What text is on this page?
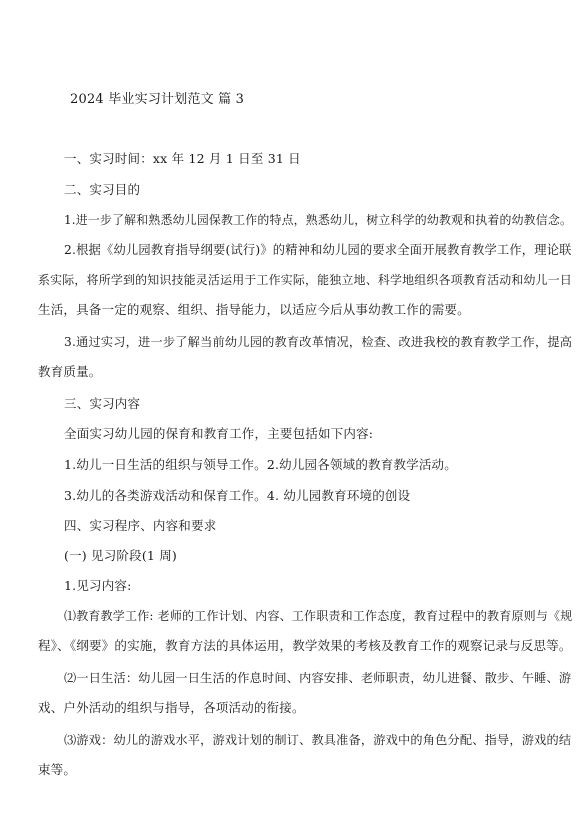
2024 毕业实习计划范文 篇 3
一、实习时间：xx 年 12 月 1 日至 31 日
二、实习目的
1.进一步了解和熟悉幼儿园保教工作的特点，熟悉幼儿，树立科学的幼教观和执着的幼教信念。
2.根据《幼儿园教育指导纲要(试行)》的精神和幼儿园的要求全面开展教育教学工作，理论联
系实际，将所学到的知识技能灵活运用于工作实际，能独立地、科学地组织各项教育活动和幼儿一日
生活，具备一定的观察、组织、指导能力，以适应今后从事幼教工作的需要。
3.通过实习，进一步了解当前幼儿园的教育改革情况，检查、改进我校的教育教学工作，提高
教育质量。
三、实习内容
全面实习幼儿园的保育和教育工作，主要包括如下内容:
1.幼儿一日生活的组织与领导工作。2.幼儿园各领域的教育教学活动。
3.幼儿的各类游戏活动和保育工作。4. 幼儿园教育环境的创设
四、实习程序、内容和要求
(一) 见习阶段(1 周)
1.见习内容:
⑴教育教学工作: 老师的工作计划、内容、工作职责和工作态度，教育过程中的教育原则与《规
程》、《纲要》的实施，教育方法的具体运用，教学效果的考核及教育工作的观察记录与反思等。
⑵一日生活：幼儿园一日生活的作息时间、内容安排、老师职责，幼儿进餐、散步、午睡、游
戏、户外活动的组织与指导，各项活动的衔接。
⑶游戏：幼儿的游戏水平，游戏计划的制订、教具准备，游戏中的角色分配、指导，游戏的结
束等。
